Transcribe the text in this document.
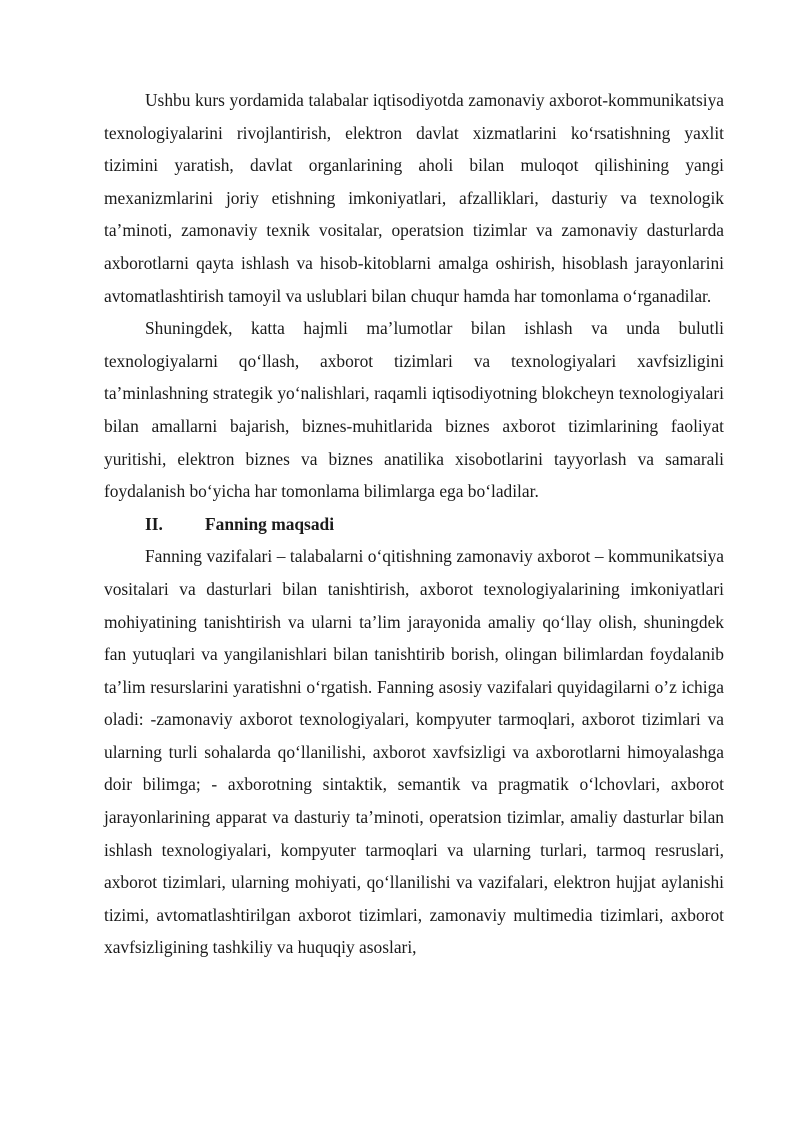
Ushbu kurs yordamida talabalar iqtisodiyotda zamonaviy axborot-kommunikatsiya texnologiyalarini rivojlantirish, elektron davlat xizmatlarini ko‘rsatishning yaxlit tizimini yaratish, davlat organlarining aholi bilan muloqot qilishining yangi mexanizmlarini joriy etishning imkoniyatlari, afzalliklari, dasturiy va texnologik ta’minoti, zamonaviy texnik vositalar, operatsion tizimlar va zamonaviy dasturlarda axborotlarni qayta ishlash va hisob-kitoblarni amalga oshirish, hisoblash jarayonlarini avtomatlashtirish tamoyil va uslublari bilan chuqur hamda har tomonlama o‘rganadilar.

Shuningdek, katta hajmli ma’lumotlar bilan ishlash va unda bulutli texnologiyalarni qo‘llash, axborot tizimlari va texnologiyalari xavfsizligini ta’minlashning strategik yo‘nalishlari, raqamli iqtisodiyotning blokcheyn texnologiyalari bilan amallarni bajarish, biznes-muhitlarida biznes axborot tizimlarining faoliyat yuritishi, elektron biznes va biznes anatilika xisobotlarini tayyorlash va samarali foydalanish bo‘yicha har tomonlama bilimlarga ega bo‘ladilar.

II. Fanning maqsadi

Fanning vazifalari – talabalarni o‘qitishning zamonaviy axborot – kommunikatsiya vositalari va dasturlari bilan tanishtirish, axborot texnologiyalarining imkoniyatlari mohiyatining tanishtirish va ularni ta’lim jarayonida amaliy qo‘llay olish, shuningdek fan yutuqlari va yangilanishlari bilan tanishtirib borish, olingan bilimlardan foydalanib ta’lim resurslarini yaratishni o‘rgatish. Fanning asosiy vazifalari quyidagilarni o’z ichiga oladi: -zamonaviy axborot texnologiyalari, kompyuter tarmoqlari, axborot tizimlari va ularning turli sohalarda qo‘llanilishi, axborot xavfsizligi va axborotlarni himoyalashga doir bilimga; - axborotning sintaktik, semantik va pragmatik o‘lchovlari, axborot jarayonlarining apparat va dasturiy ta’minoti, operatsion tizimlar, amaliy dasturlar bilan ishlash texnologiyalari, kompyuter tarmoqlari va ularning turlari, tarmoq resruslari, axborot tizimlari, ularning mohiyati, qo‘llanilishi va vazifalari, elektron hujjat aylanishi tizimi, avtomatlashtirilgan axborot tizimlari, zamonaviy multimedia tizimlari, axborot xavfsizligining tashkiliy va huquqiy asoslari,
